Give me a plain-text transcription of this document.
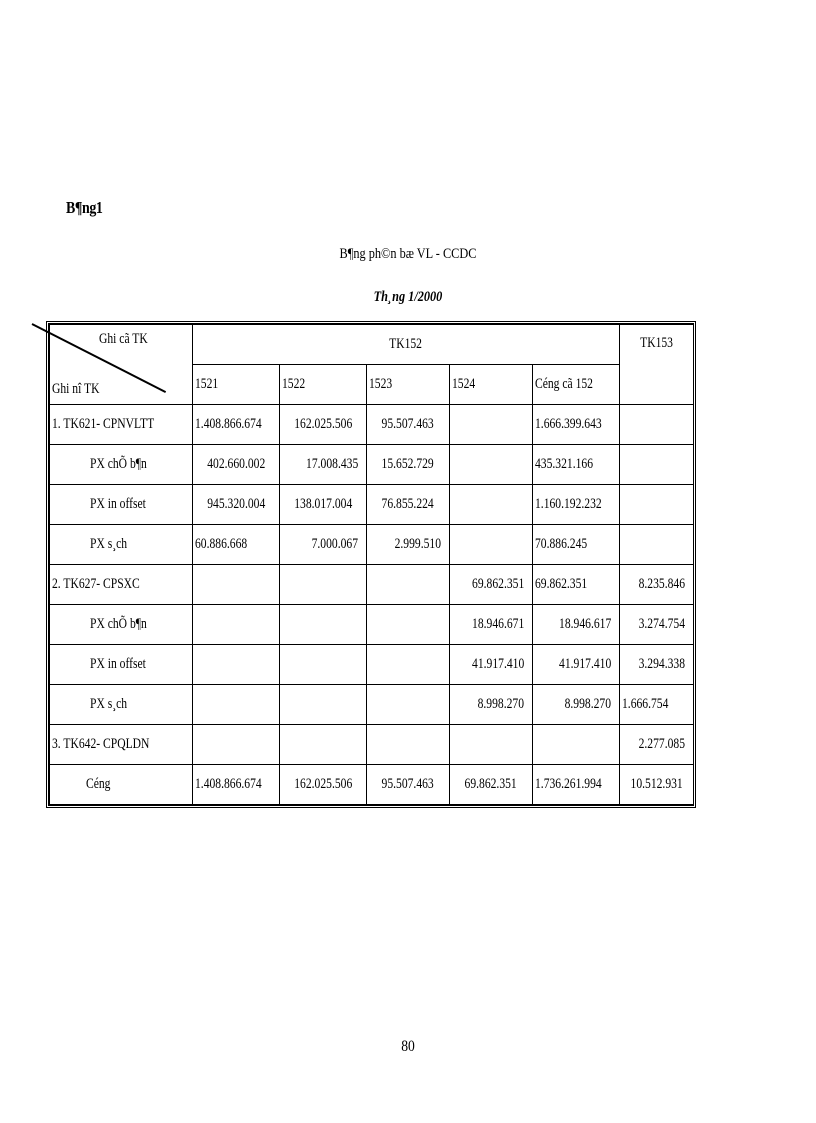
B¶ng1
B¶ng ph©n bæ VL - CCDC
Th¸ng 1/2000
Ghi cã TK
Ghi nî TK	TK152					TK153
	1521	1522	1523	1524	Céng cã 152	
1. TK621- CPNVLTT	1.408.866.674	162.025.506	95.507.463		1.666.399.643	
PX chÕ b¶n	402.660.002	17.008.435	15.652.729		435.321.166	
PX in offset	945.320.004	138.017.004	76.855.224		1.160.192.232	
PX s¸ch	60.886.668	7.000.067	2.999.510		70.886.245	
2. TK627- CPSXC				69.862.351	69.862.351	8.235.846
PX chÕ b¶n				18.946.671	18.946.617	3.274.754
PX in offset				41.917.410	41.917.410	3.294.338
PX s¸ch				8.998.270	8.998.270	1.666.754
3. TK642- CPQLDN						2.277.085
Céng	1.408.866.674	162.025.506	95.507.463	69.862.351	1.736.261.994	10.512.931
80
